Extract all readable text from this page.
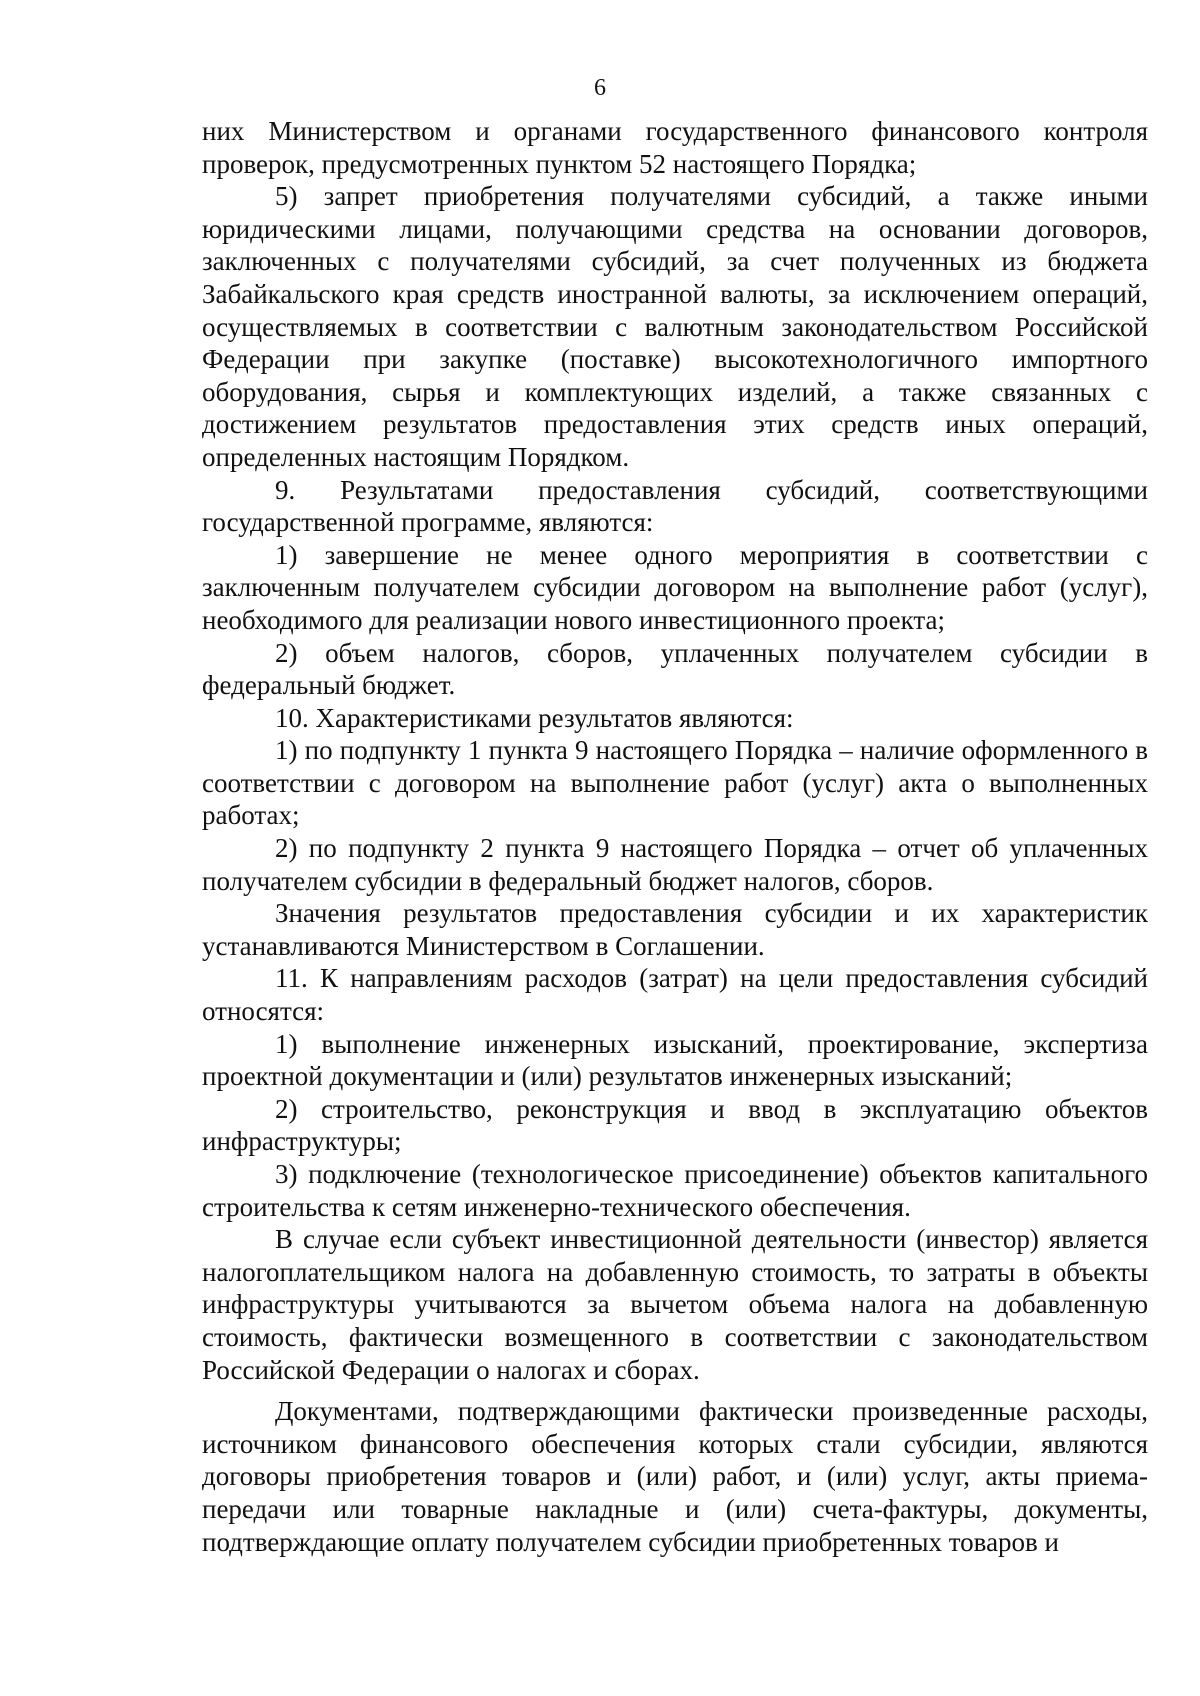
6

них Министерством и органами государственного финансового контроля проверок, предусмотренных пунктом 52 настоящего Порядка;

5) запрет приобретения получателями субсидий, а также иными юридическими лицами, получающими средства на основании договоров, заключенных с получателями субсидий, за счет полученных из бюджета Забайкальского края средств иностранной валюты, за исключением операций, осуществляемых в соответствии с валютным законодательством Российской Федерации при закупке (поставке) высокотехнологичного импортного оборудования, сырья и комплектующих изделий, а также связанных с достижением результатов предоставления этих средств иных операций, определенных настоящим Порядком.

9. Результатами предоставления субсидий, соответствующими государственной программе, являются:

1) завершение не менее одного мероприятия в соответствии с заключенным получателем субсидии договором на выполнение работ (услуг), необходимого для реализации нового инвестиционного проекта;

2) объем налогов, сборов, уплаченных получателем субсидии в федеральный бюджет.

10. Характеристиками результатов являются:

1) по подпункту 1 пункта 9 настоящего Порядка – наличие оформленного в соответствии с договором на выполнение работ (услуг) акта о выполненных работах;

2) по подпункту 2 пункта 9 настоящего Порядка – отчет об уплаченных получателем субсидии в федеральный бюджет налогов, сборов.

Значения результатов предоставления субсидии и их характеристик устанавливаются Министерством в Соглашении.

11. К направлениям расходов (затрат) на цели предоставления субсидий относятся:

1) выполнение инженерных изысканий, проектирование, экспертиза проектной документации и (или) результатов инженерных изысканий;

2) строительство, реконструкция и ввод в эксплуатацию объектов инфраструктуры;

3) подключение (технологическое присоединение) объектов капитального строительства к сетям инженерно-технического обеспечения.

В случае если субъект инвестиционной деятельности (инвестор) является налогоплательщиком налога на добавленную стоимость, то затраты в объекты инфраструктуры учитываются за вычетом объема налога на добавленную стоимость, фактически возмещенного в соответствии с законодательством Российской Федерации о налогах и сборах.

Документами, подтверждающими фактически произведенные расходы, источником финансового обеспечения которых стали субсидии, являются договоры приобретения товаров и (или) работ, и (или) услуг, акты приема-передачи или товарные накладные и (или) счета-фактуры, документы, подтверждающие оплату получателем субсидии приобретенных товаров и
